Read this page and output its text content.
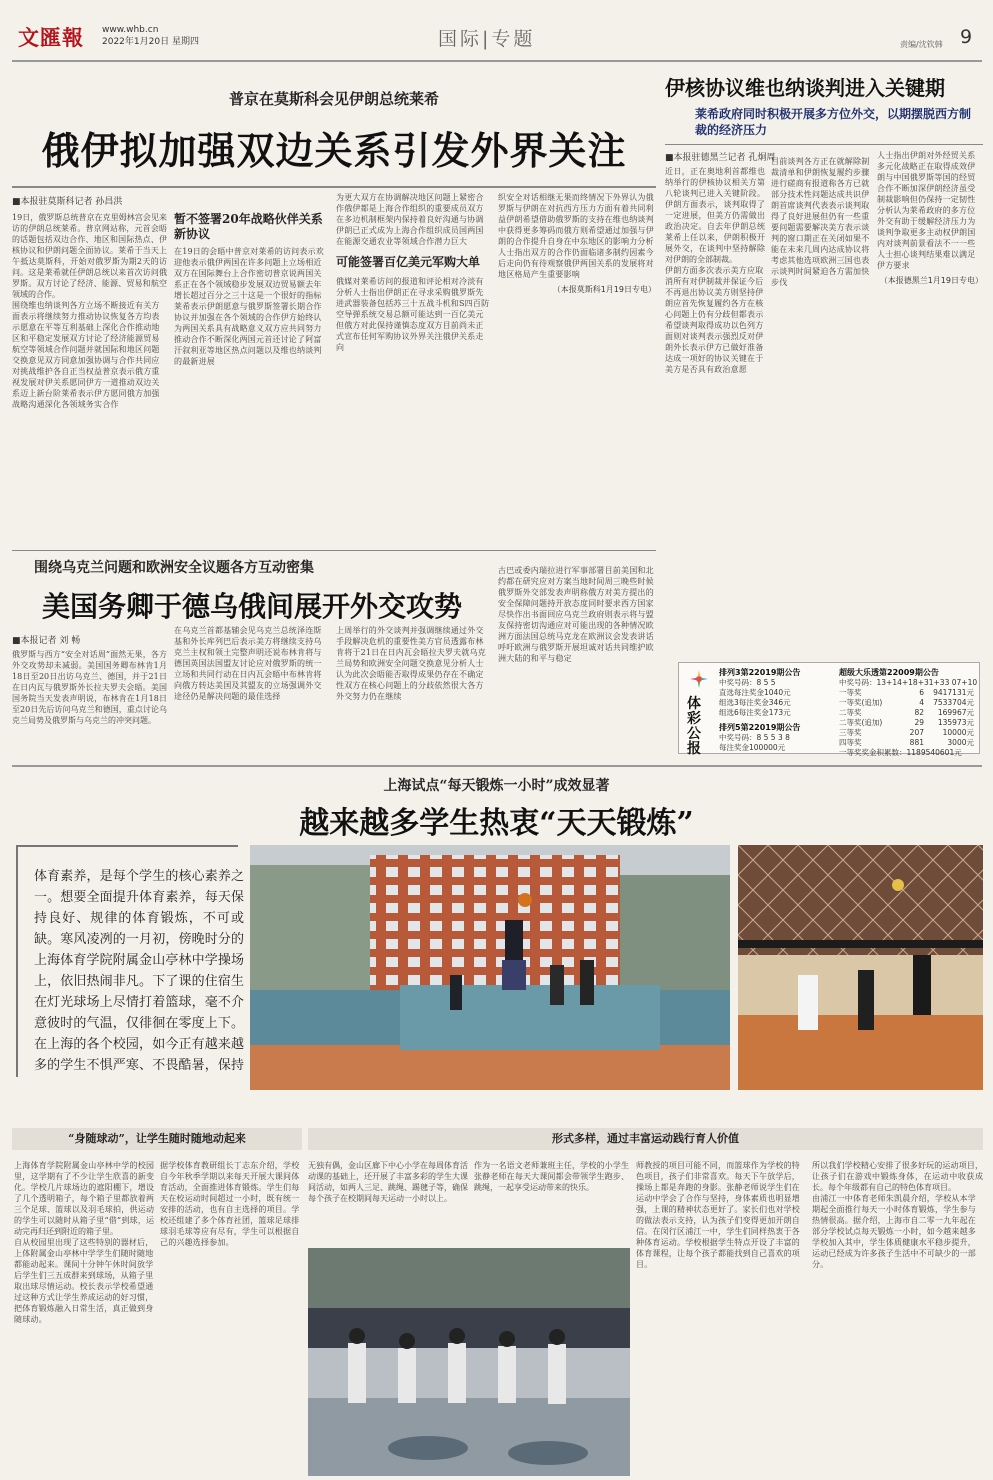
文匯報 www.whb.cn
2022年1月20日 星期四	国际|专题	责编/沈钦韩 9
普京在莫斯科会见伊朗总统莱希
俄伊拟加强双边关系引发外界关注
■本报驻莫斯科记者 孙昌洪
19日，俄罗斯总统普京在克里姆林宫会见来访的伊朗总统莱希。普京网站称，元首会晤的话题包括双边合作、地区和国际热点、伊核协议和伊朗问题全面协议。莱希于当天上午抵达莫斯科，开始对俄罗斯为期2天的访问。这是莱希就任伊朗总统以来首次访问俄罗斯。双方讨论了经济、能源、贸易和航空领域的合作。
围绕维也纳谈判各方立场不断接近有关方面表示将继续努力推动协议恢复各方均表示愿意在平等互利基础上深化合作推动地区和平稳定发展双方讨论了经济能源贸易航空等领域合作问题并就国际和地区问题交换意见双方同意加强协调与合作共同应对挑战维护各自正当权益普京表示俄方重视发展对伊关系愿同伊方一道推动双边关系迈上新台阶莱希表示伊方愿同俄方加强战略沟通深化各领域务实合作
暂不签署20年战略伙伴关系新协议
在19日的会晤中普京对莱希的访问表示欢迎他表示俄伊两国在许多问题上立场相近双方在国际舞台上合作密切普京说两国关系正在各个领域稳步发展双边贸易额去年增长超过百分之三十这是一个很好的指标莱希表示伊朗愿意与俄罗斯签署长期合作协议并加强在各个领域的合作伊方始终认为两国关系具有战略意义双方应共同努力推动合作不断深化两国元首还讨论了阿富汗叙利亚等地区热点问题以及维也纳谈判的最新进展
为更大双方在协调解决地区问题上紧密合作俄伊都是上海合作组织的重要成员双方在多边机制框架内保持着良好沟通与协调伊朗已正式成为上海合作组织成员国两国在能源交通农业等领域合作潜力巨大
可能签署百亿美元军购大单
俄媒对莱希访问的报道和评论相对冷淡有分析人士指出伊朗正在寻求采购俄罗斯先进武器装备包括苏三十五战斗机和S四百防空导弹系统交易总额可能达到一百亿美元但俄方对此保持谨慎态度双方目前尚未正式宣布任何军购协议外界关注俄伊关系走向
织安全对话相继无果而终情况下外界认为俄罗斯与伊朗在对抗西方压力方面有着共同利益伊朗希望借助俄罗斯的支持在维也纳谈判中获得更多筹码而俄方则希望通过加强与伊朗的合作提升自身在中东地区的影响力分析人士指出双方的合作仍面临诸多制约因素今后走向仍有待观察俄伊两国关系的发展将对地区格局产生重要影响
（本报莫斯科1月19日专电）
围绕乌克兰问题和欧洲安全议题各方互动密集
美国务卿于德乌俄间展开外交攻势
■本报记者 刘 畅
俄罗斯与西方“安全对话周”面然无果，各方外交攻势却未减弱。美国国务卿布林肯1月18日至20日出访乌克兰、德国，并于21日在日内瓦与俄罗斯外长拉夫罗夫会晤。美国国务院当天发表声明说，布林肯在1月18日至20日先后访问乌克兰和德国，重点讨论乌克兰局势及俄罗斯与乌克兰的冲突问题。
在乌克兰首都基辅会见乌克兰总统泽连斯基和外长库列巴后表示美方将继续支持乌克兰主权和领土完整声明还说布林肯将与德国英国法国盟友讨论应对俄罗斯的统一立场和共同行动在日内瓦会晤中布林肯将向俄方转达美国及其盟友的立场强调外交途径仍是解决问题的最佳选择
上周举行的外交谈判并强调继续通过外交手段解决危机的重要性美方官员透露布林肯将于21日在日内瓦会晤拉夫罗夫就乌克兰局势和欧洲安全问题交换意见分析人士认为此次会晤能否取得成果仍存在不确定性双方在核心问题上的分歧依然很大各方外交努力仍在继续
古巴或委内瑞拉进行军事部署目前美国和北约都在研究应对方案当地时间周三晚些时候俄罗斯外交部发表声明称俄方对美方提出的安全保障问题持开放态度同时要求西方国家尽快作出书面回应乌克兰政府则表示将与盟友保持密切沟通应对可能出现的各种情况欧洲方面法国总统马克龙在欧洲议会发表讲话呼吁欧洲与俄罗斯开展坦诚对话共同维护欧洲大陆的和平与稳定
伊核协议维也纳谈判进入关键期
莱希政府同时积极开展多方位外交，以期摆脱西方制裁的经济压力
■本报驻德黑兰记者 孔炯周
近日，正在奥地利首都维也纳举行的伊核协议相关方第八轮谈判已进入关键阶段。伊朗方面表示，谈判取得了一定进展，但美方仍需做出政治决定。自去年伊朗总统莱希上任以来，伊朗积极开展外交，在谈判中坚持解除对伊朗的全部制裁。
伊朗方面多次表示美方应取消所有对伊制裁并保证今后不再退出协议美方则坚持伊朗应首先恢复履约各方在核心问题上仍有分歧但都表示希望谈判取得成功以色列方面则对谈判表示强烈反对伊朗外长表示伊方已做好准备达成一项好的协议关键在于美方是否具有政治意愿
目前谈判各方正在就解除制裁清单和伊朗恢复履约步骤进行磋商有报道称各方已就部分技术性问题达成共识伊朗首席谈判代表表示谈判取得了良好进展但仍有一些重要问题需要解决美方表示谈判的窗口期正在关闭如果不能在未来几周内达成协议将考虑其他选项欧洲三国也表示谈判时间紧迫各方需加快步伐
人士指出伊朗对外经贸关系多元化战略正在取得成效伊朗与中国俄罗斯等国的经贸合作不断加深伊朗经济虽受制裁影响但仍保持一定韧性分析认为莱希政府的多方位外交有助于缓解经济压力为谈判争取更多主动权伊朗国内对谈判前景看法不一一些人士担心谈判结果难以满足伊方要求
（本报德黑兰1月19日专电）
体彩
公报
排列3第22019期公告
中奖号码：8 5 5
直选每注奖金1040元
组选3每注奖金346元
组选6每注奖金173元
排列5第22019期公告
中奖号码：8 5 5 3 8
每注奖金100000元
超级大乐透第22009期公告
中奖号码：13+14+18+31+33 07+10
一等奖	6	9417131元
一等奖(追加)	4	7533704元
二等奖	82	169967元
二等奖(追加)	29	135973元
三等奖	207	10000元
四等奖	881	3000元
一等奖奖金积累数：1189540601元
上海试点“每天锻炼一小时”成效显著
越来越多学生热衷“天天锻炼”
体育素养，是每个学生的核心素养之一。想要全面提升体育素养，每天保持良好、规律的体育锻炼，不可或缺。寒风凌冽的一月初，傍晚时分的上海体育学院附属金山亭林中学操场上，依旧热闹非凡。下了课的住宿生在灯光球场上尽情打着篮球，毫不介意彼时的气温，仅徘徊在零度上下。在上海的各个校园，如今正有越来越多的学生不惧严寒、不畏酷暑，保持
“身随球动”，让学生随时随地动起来	形式多样，通过丰富运动践行育人价值
上海体育学院附属金山亭林中学的校园里，这学期有了不少让学生欣喜的新变化。学校几片球场边的遮阳棚下，增设了几个透明箱子，每个箱子里都放着两三个足球、篮球以及羽毛球拍，供运动的学生可以随时从箱子里“借”到球，运动完再归还到附近的箱子里。
自从校园里出现了这些特别的器材后，上体附属金山亭林中学学生们随时随地都能动起来。课间十分钟午休时间放学后学生们三五成群来到球场，从箱子里取出球尽情运动。校长表示学校希望通过这种方式让学生养成运动的好习惯，把体育锻炼融入日常生活，真正做到身随球动。
据学校体育教研组长丁志东介绍，学校自今年秋季学期以来每天开展大课间体育活动，全面推进体育锻炼。学生们每天在校运动时间超过一小时，既有统一安排的活动，也有自主选择的项目。学校还组建了多个体育社团，篮球足球排球羽毛球等应有尽有，学生可以根据自己的兴趣选择参加。
无独有偶，金山区廊下中心小学在每周体育活动课的基础上，还开展了丰富多彩的学生大课间活动，如两人三足、跳绳、踢毽子等，确保每个孩子在校期间每天运动一小时以上。
作为一名语文老师兼班主任，学校的小学生张静老师在每天大课间都会带领学生跑步、跳绳，一起享受运动带来的快乐。
师教授的项目可能不同，而篮球作为学校的特色项目，孩子们非常喜欢。每天下午放学后，操场上都是奔跑的身影。张静老师说学生们在运动中学会了合作与坚持，身体素质也明显增强，上课的精神状态更好了。家长们也对学校的做法表示支持，认为孩子们变得更加开朗自信。在闵行区浦江一中，学生们同样热衷于各种体育运动。学校根据学生特点开设了丰富的体育课程，让每个孩子都能找到自己喜欢的项目。
所以我们学校精心安排了很多好玩的运动项目，让孩子们在游戏中锻炼身体，在运动中收获成长。每个年级都有自己的特色体育项目。
由浦江一中体育老师朱凯晨介绍，学校从本学期起全面推行每天一小时体育锻炼，学生参与热情很高。据介绍，上海市自二零一九年起在部分学校试点每天锻炼一小时，如今越来越多学校加入其中，学生体质健康水平稳步提升，运动已经成为许多孩子生活中不可缺少的一部分。
